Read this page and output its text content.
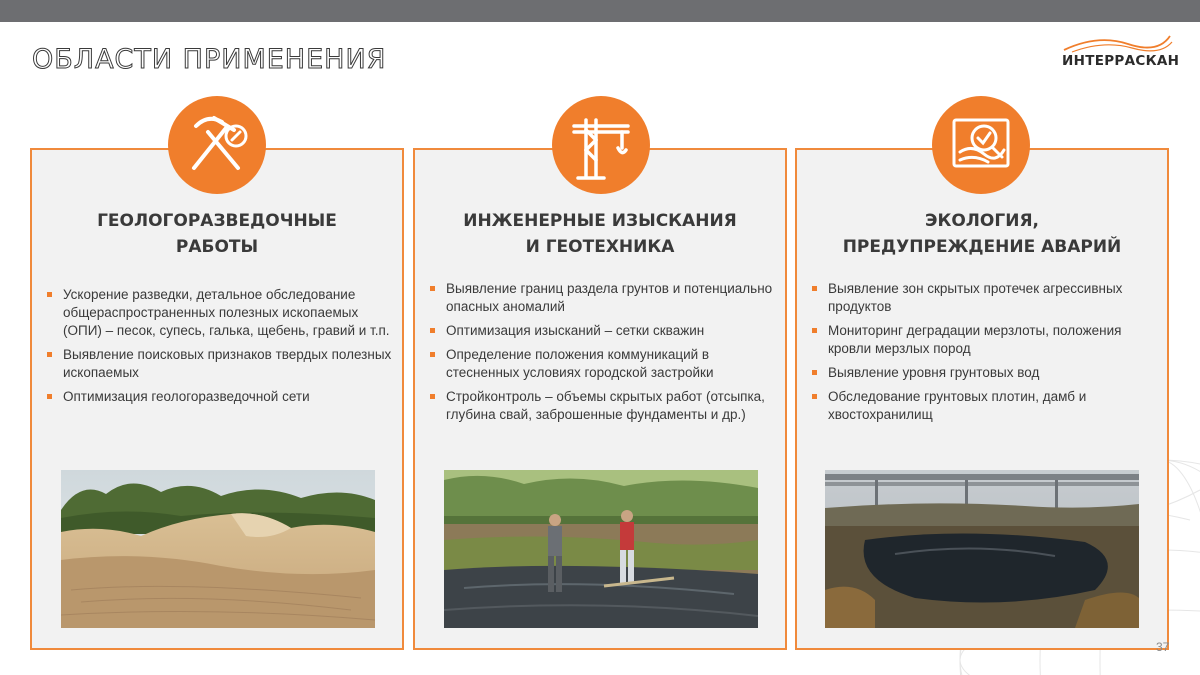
ОБЛАСТИ ПРИМЕНЕНИЯ	ИНТЕРРАСКАН
ГЕОЛОГОРАЗВЕДОЧНЫЕ
РАБОТЫ
Ускорение разведки, детальное обследование общераспространенных полезных ископаемых (ОПИ) – песок, супесь, галька, щебень, гравий и т.п.
Выявление поисковых признаков твердых полезных ископаемых
Оптимизация геологоразведочной сети
ИНЖЕНЕРНЫЕ ИЗЫСКАНИЯ
И ГЕОТЕХНИКА
Выявление границ раздела грунтов и потенциально опасных аномалий
Оптимизация изысканий – сетки скважин
Определение положения коммуникаций в стесненных условиях городской застройки
Стройконтроль – объемы скрытых работ (отсыпка, глубина свай, заброшенные фундаменты и др.)
ЭКОЛОГИЯ,
ПРЕДУПРЕЖДЕНИЕ АВАРИЙ
Выявление зон скрытых протечек агрессивных продуктов
Мониторинг деградации мерзлоты, положения кровли мерзлых пород
Выявление уровня грунтовых вод
Обследование грунтовых плотин, дамб и хвостохранилищ
37
